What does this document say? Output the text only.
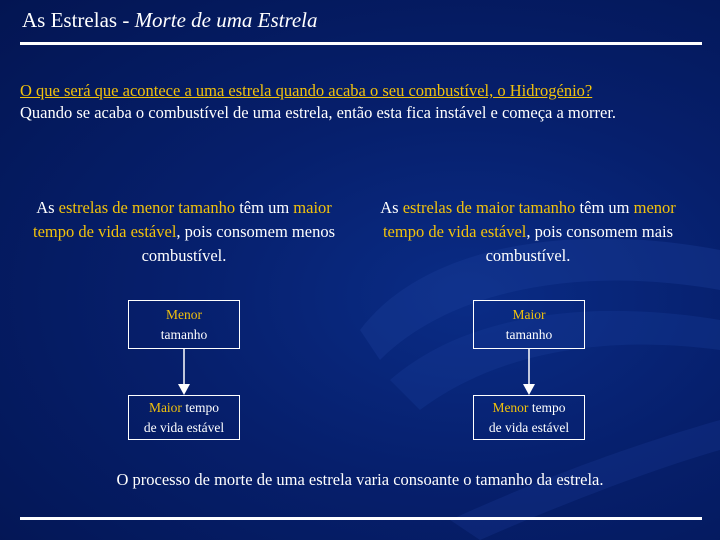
As Estrelas - Morte de uma Estrela
O que será que acontece a uma estrela quando acaba o seu combustível, o Hidrogénio?
Quando se acaba o combustível de uma estrela, então esta fica instável e começa a morrer.
As estrelas de menor tamanho têm um maior tempo de vida estável, pois consomem menos combustível.
As estrelas de maior tamanho têm um menor tempo de vida estável, pois consomem mais combustível.
Menor
tamanho
Maior
tamanho
Maior tempo
de vida estável
Menor tempo
de vida estável
O processo de morte de uma estrela varia consoante o tamanho da estrela.
